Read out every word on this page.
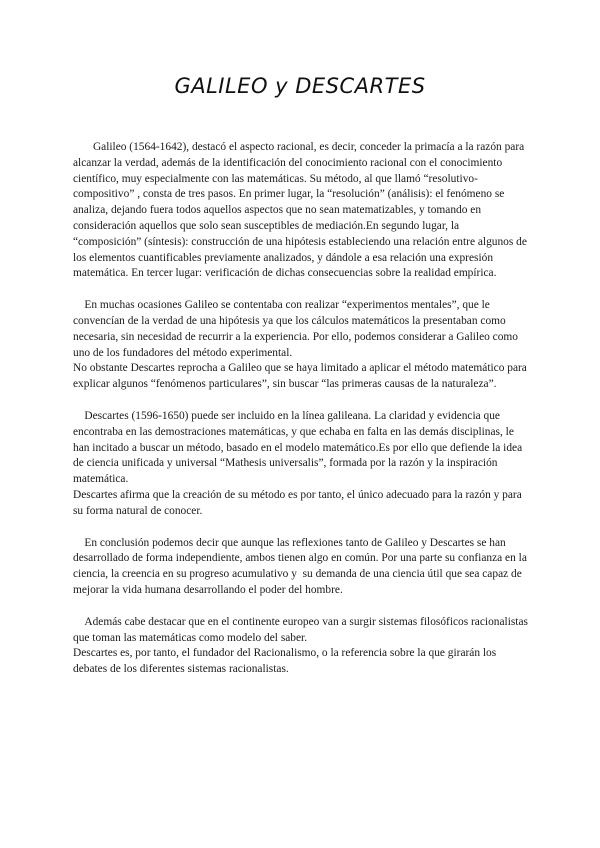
GALILEO y DESCARTES

Galileo (1564-1642), destacó el aspecto racional, es decir, conceder la primacía a la razón para alcanzar la verdad, además de la identificación del conocimiento racional con el conocimiento científico, muy especialmente con las matemáticas. Su método, al que llamó “resolutivo-compositivo” , consta de tres pasos. En primer lugar, la “resolución” (análisis): el fenómeno se analiza, dejando fuera todos aquellos aspectos que no sean matematizables, y tomando en consideración aquellos que solo sean susceptibles de mediación.En segundo lugar, la “composición” (síntesis): construcción de una hipótesis estableciendo una relación entre algunos de los elementos cuantificables previamente analizados, y dándole a esa relación una expresión matemática. En tercer lugar: verificación de dichas consecuencias sobre la realidad empírica.

En muchas ocasiones Galileo se contentaba con realizar “experimentos mentales”, que le convencían de la verdad de una hipótesis ya que los cálculos matemáticos la presentaban como necesaria, sin necesidad de recurrir a la experiencia. Por ello, podemos considerar a Galileo como uno de los fundadores del método experimental.

No obstante Descartes reprocha a Galileo que se haya limitado a aplicar el método matemático para explicar algunos “fenómenos particulares”, sin buscar “las primeras causas de la naturaleza”.

Descartes (1596-1650) puede ser incluido en la línea galileana. La claridad y evidencia que encontraba en las demostraciones matemáticas, y que echaba en falta en las demás disciplinas, le han incitado a buscar un método, basado en el modelo matemático.Es por ello que defiende la idea de ciencia unificada y universal “Mathesis universalis”, formada por la razón y la inspiración matemática.

Descartes afirma que la creación de su método es por tanto, el único adecuado para la razón y para su forma natural de conocer.

En conclusión podemos decir que aunque las reflexiones tanto de Galileo y Descartes se han desarrollado de forma independiente, ambos tienen algo en común. Por una parte su confianza en la ciencia, la creencia en su progreso acumulativo y  su demanda de una ciencia útil que sea capaz de mejorar la vida humana desarrollando el poder del hombre.

Además cabe destacar que en el continente europeo van a surgir sistemas filosóficos racionalistas que toman las matemáticas como modelo del saber.

Descartes es, por tanto, el fundador del Racionalismo, o la referencia sobre la que girarán los debates de los diferentes sistemas racionalistas.
